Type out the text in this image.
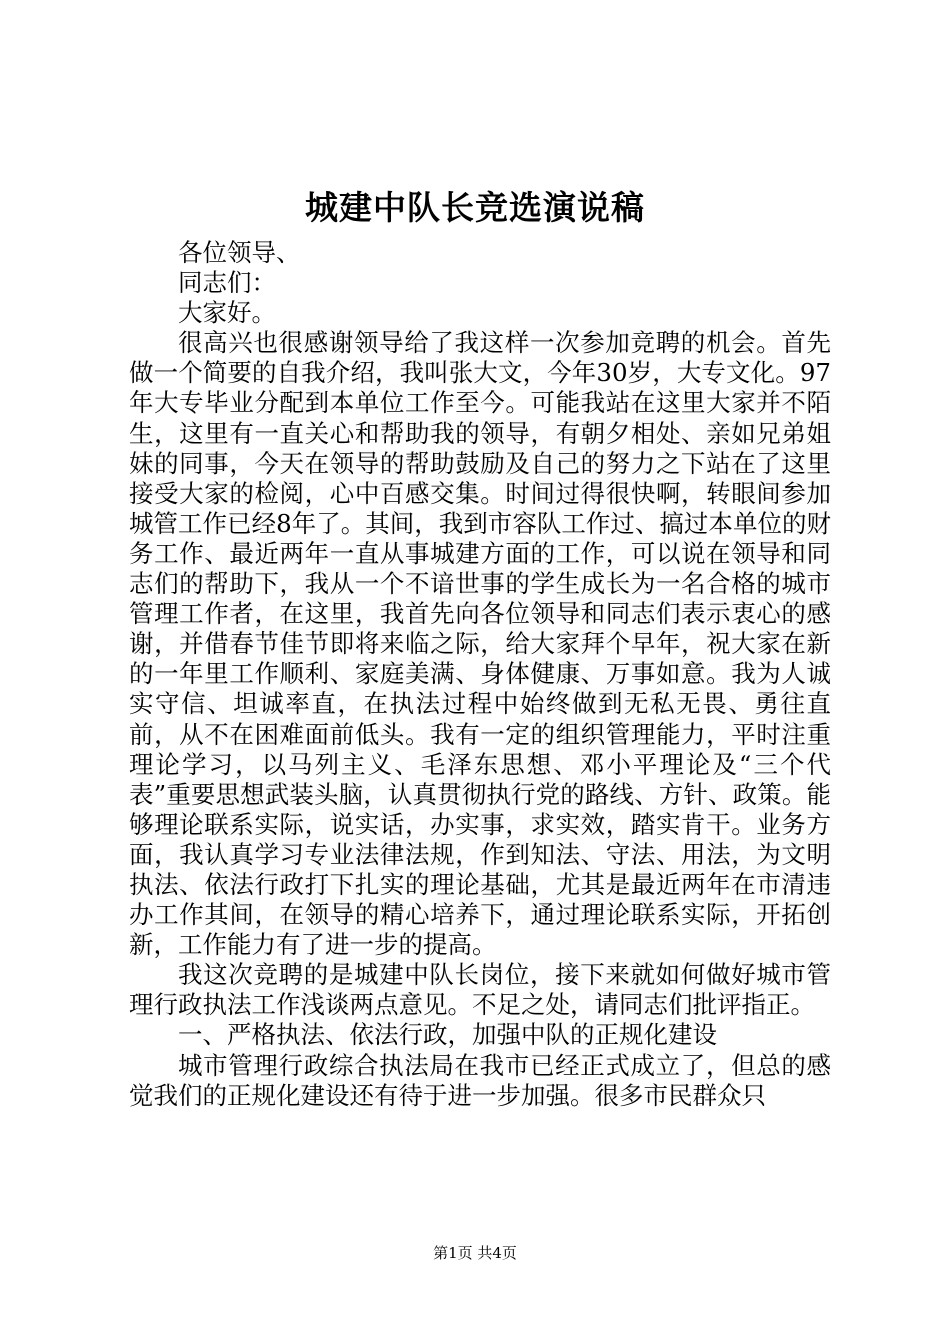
城建中队长竞选演说稿

各位领导、

同志们：

大家好。

很高兴也很感谢领导给了我这样一次参加竞聘的机会。首先做一个简要的自我介绍，我叫张大文，今年30岁，大专文化。97年大专毕业分配到本单位工作至今。可能我站在这里大家并不陌生，这里有一直关心和帮助我的领导，有朝夕相处、亲如兄弟姐妹的同事，今天在领导的帮助鼓励及自己的努力之下站在了这里接受大家的检阅，心中百感交集。时间过得很快啊，转眼间参加城管工作已经8年了。其间，我到市容队工作过、搞过本单位的财务工作、最近两年一直从事城建方面的工作，可以说在领导和同志们的帮助下，我从一个不谙世事的学生成长为一名合格的城市管理工作者，在这里，我首先向各位领导和同志们表示衷心的感谢，并借春节佳节即将来临之际，给大家拜个早年，祝大家在新的一年里工作顺利、家庭美满、身体健康、万事如意。我为人诚实守信、坦诚率直，在执法过程中始终做到无私无畏、勇往直前，从不在困难面前低头。我有一定的组织管理能力，平时注重理论学习，以马列主义、毛泽东思想、邓小平理论及“三个代表”重要思想武装头脑，认真贯彻执行党的路线、方针、政策。能够理论联系实际，说实话，办实事，求实效，踏实肯干。业务方面，我认真学习专业法律法规，作到知法、守法、用法，为文明执法、依法行政打下扎实的理论基础，尤其是最近两年在市清违办工作其间，在领导的精心培养下，通过理论联系实际，开拓创新，工作能力有了进一步的提高。

我这次竞聘的是城建中队长岗位，接下来就如何做好城市管理行政执法工作浅谈两点意见。不足之处，请同志们批评指正。

一、严格执法、依法行政，加强中队的正规化建设

城市管理行政综合执法局在我市已经正式成立了，但总的感觉我们的正规化建设还有待于进一步加强。很多市民群众只

第1页 共4页
